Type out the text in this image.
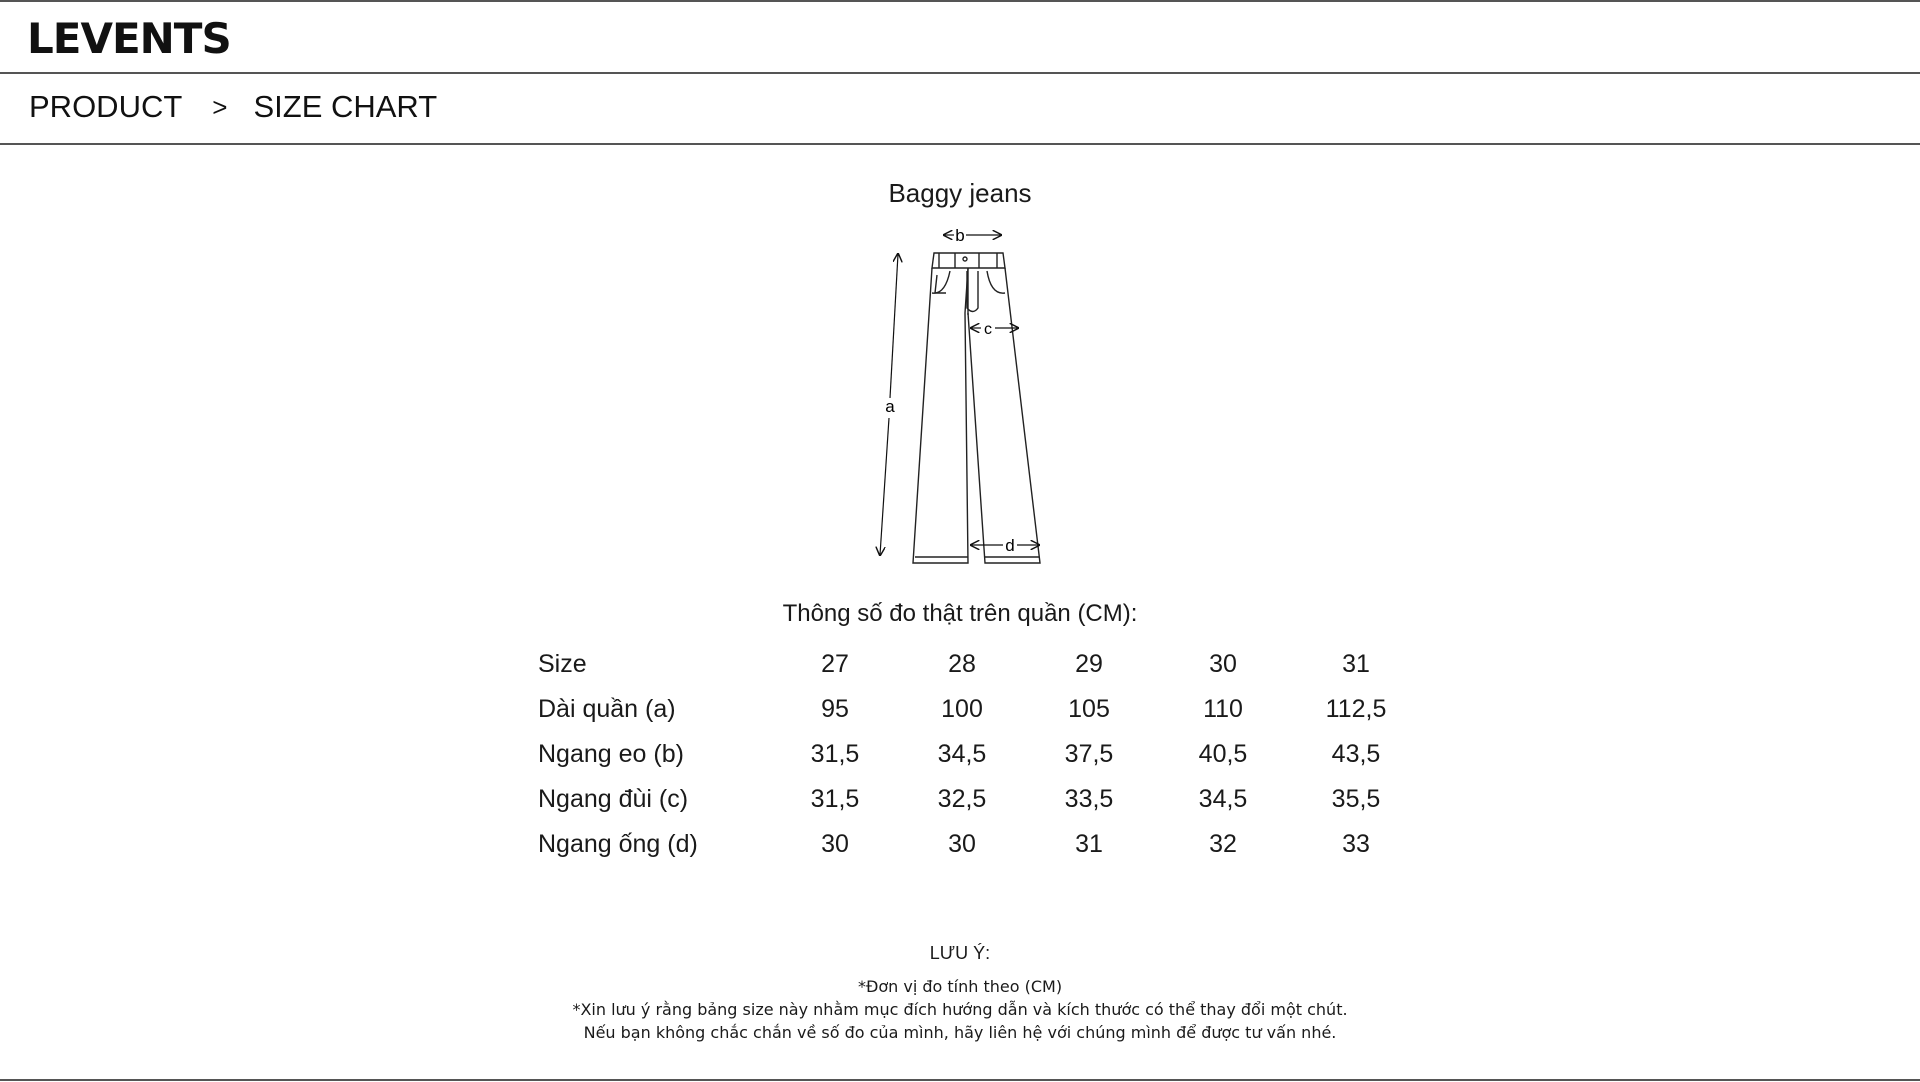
LEVENTS
PRODUCT > SIZE CHART
Baggy jeans
b
a
c
d
Thông số đo thật trên quần (CM):
Size	27	28	29	30	31
Dài quần (a)	95	100	105	110	112,5
Ngang eo (b)	31,5	34,5	37,5	40,5	43,5
Ngang đùi (c)	31,5	32,5	33,5	34,5	35,5
Ngang ống (d)	30	30	31	32	33
LƯU Ý:
*Đơn vị đo tính theo (CM)
*Xin lưu ý rằng bảng size này nhằm mục đích hướng dẫn và kích thước có thể thay đổi một chút.
Nếu bạn không chắc chắn về số đo của mình, hãy liên hệ với chúng mình để được tư vấn nhé.
